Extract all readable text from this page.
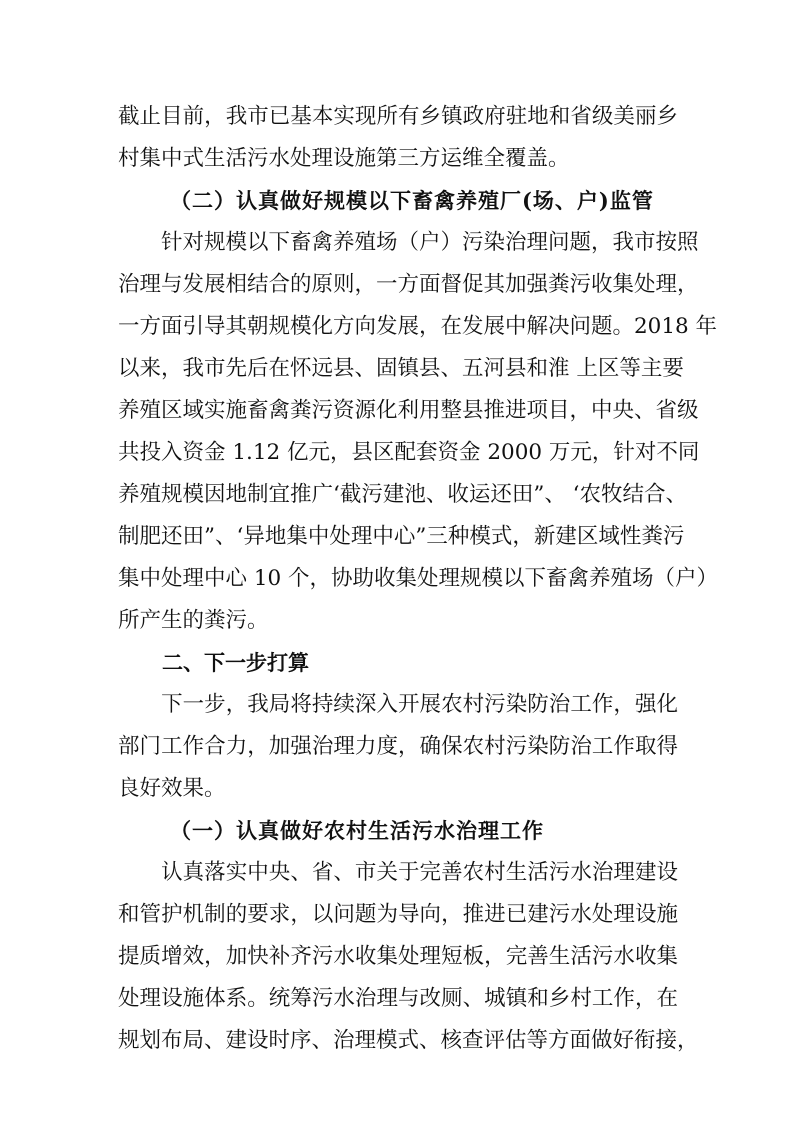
截止目前，我市已基本实现所有乡镇政府驻地和省级美丽乡
村集中式生活污水处理设施第三方运维全覆盖。
（二）认真做好规模以下畜禽养殖厂(场、户)监管
　　针对规模以下畜禽养殖场（户）污染治理问题，我市按照
治理与发展相结合的原则，一方面督促其加强粪污收集处理，
一方面引导其朝规模化方向发展，在发展中解决问题。2018 年
以来，我市先后在怀远县、固镇县、五河县和淮 上区等主要
养殖区域实施畜禽粪污资源化利用整县推进项目，中央、省级
共投入资金 1.12 亿元，县区配套资金 2000 万元，针对不同
养殖规模因地制宜推广‘截污建池、收运还田”、 ‘农牧结合、
制肥还田”、‘异地集中处理中心”三种模式，新建区域性粪污
集中处理中心 10 个，协助收集处理规模以下畜禽养殖场（户）
所产生的粪污。
二、下一步打算
　　下一步，我局将持续深入开展农村污染防治工作，强化
部门工作合力，加强治理力度，确保农村污染防治工作取得
良好效果。
（一）认真做好农村生活污水治理工作
　　认真落实中央、省、市关于完善农村生活污水治理建设
和管护机制的要求，以问题为导向，推进已建污水处理设施
提质增效，加快补齐污水收集处理短板，完善生活污水收集
处理设施体系。统筹污水治理与改厕、城镇和乡村工作，在
规划布局、建设时序、治理模式、核查评估等方面做好衔接，
